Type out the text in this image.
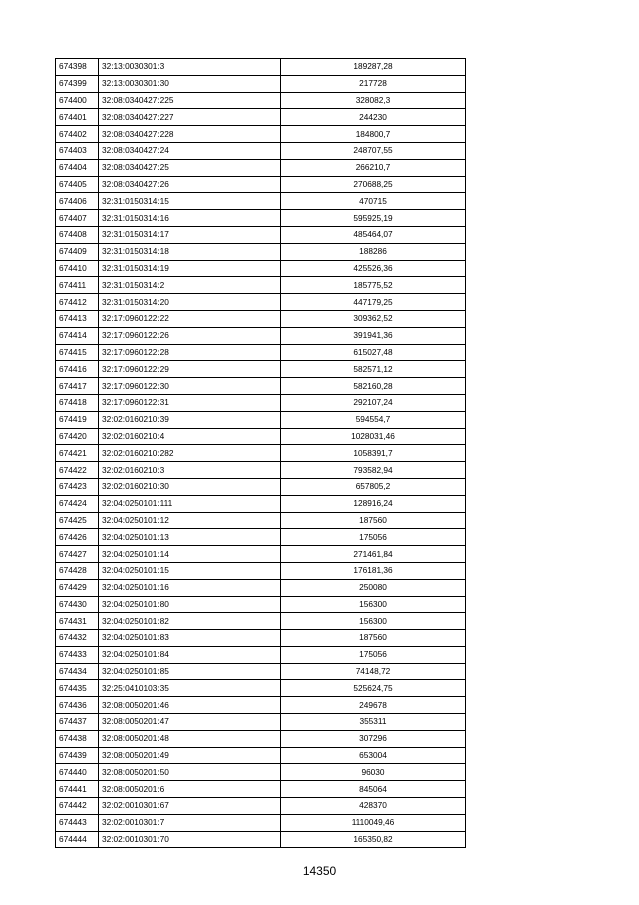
674398	32:13:0030301:3	189287,28
674399	32:13:0030301:30	217728
674400	32:08:0340427:225	328082,3
674401	32:08:0340427:227	244230
674402	32:08:0340427:228	184800,7
674403	32:08:0340427:24	248707,55
674404	32:08:0340427:25	266210,7
674405	32:08:0340427:26	270688,25
674406	32:31:0150314:15	470715
674407	32:31:0150314:16	595925,19
674408	32:31:0150314:17	485464,07
674409	32:31:0150314:18	188286
674410	32:31:0150314:19	425526,36
674411	32:31:0150314:2	185775,52
674412	32:31:0150314:20	447179,25
674413	32:17:0960122:22	309362,52
674414	32:17:0960122:26	391941,36
674415	32:17:0960122:28	615027,48
674416	32:17:0960122:29	582571,12
674417	32:17:0960122:30	582160,28
674418	32:17:0960122:31	292107,24
674419	32:02:0160210:39	594554,7
674420	32:02:0160210:4	1028031,46
674421	32:02:0160210:282	1058391,7
674422	32:02:0160210:3	793582,94
674423	32:02:0160210:30	657805,2
674424	32:04:0250101:111	128916,24
674425	32:04:0250101:12	187560
674426	32:04:0250101:13	175056
674427	32:04:0250101:14	271461,84
674428	32:04:0250101:15	176181,36
674429	32:04:0250101:16	250080
674430	32:04:0250101:80	156300
674431	32:04:0250101:82	156300
674432	32:04:0250101:83	187560
674433	32:04:0250101:84	175056
674434	32:04:0250101:85	74148,72
674435	32:25:0410103:35	525624,75
674436	32:08:0050201:46	249678
674437	32:08:0050201:47	355311
674438	32:08:0050201:48	307296
674439	32:08:0050201:49	653004
674440	32:08:0050201:50	96030
674441	32:08:0050201:6	845064
674442	32:02:0010301:67	428370
674443	32:02:0010301:7	1110049,46
674444	32:02:0010301:70	165350,82
14350
